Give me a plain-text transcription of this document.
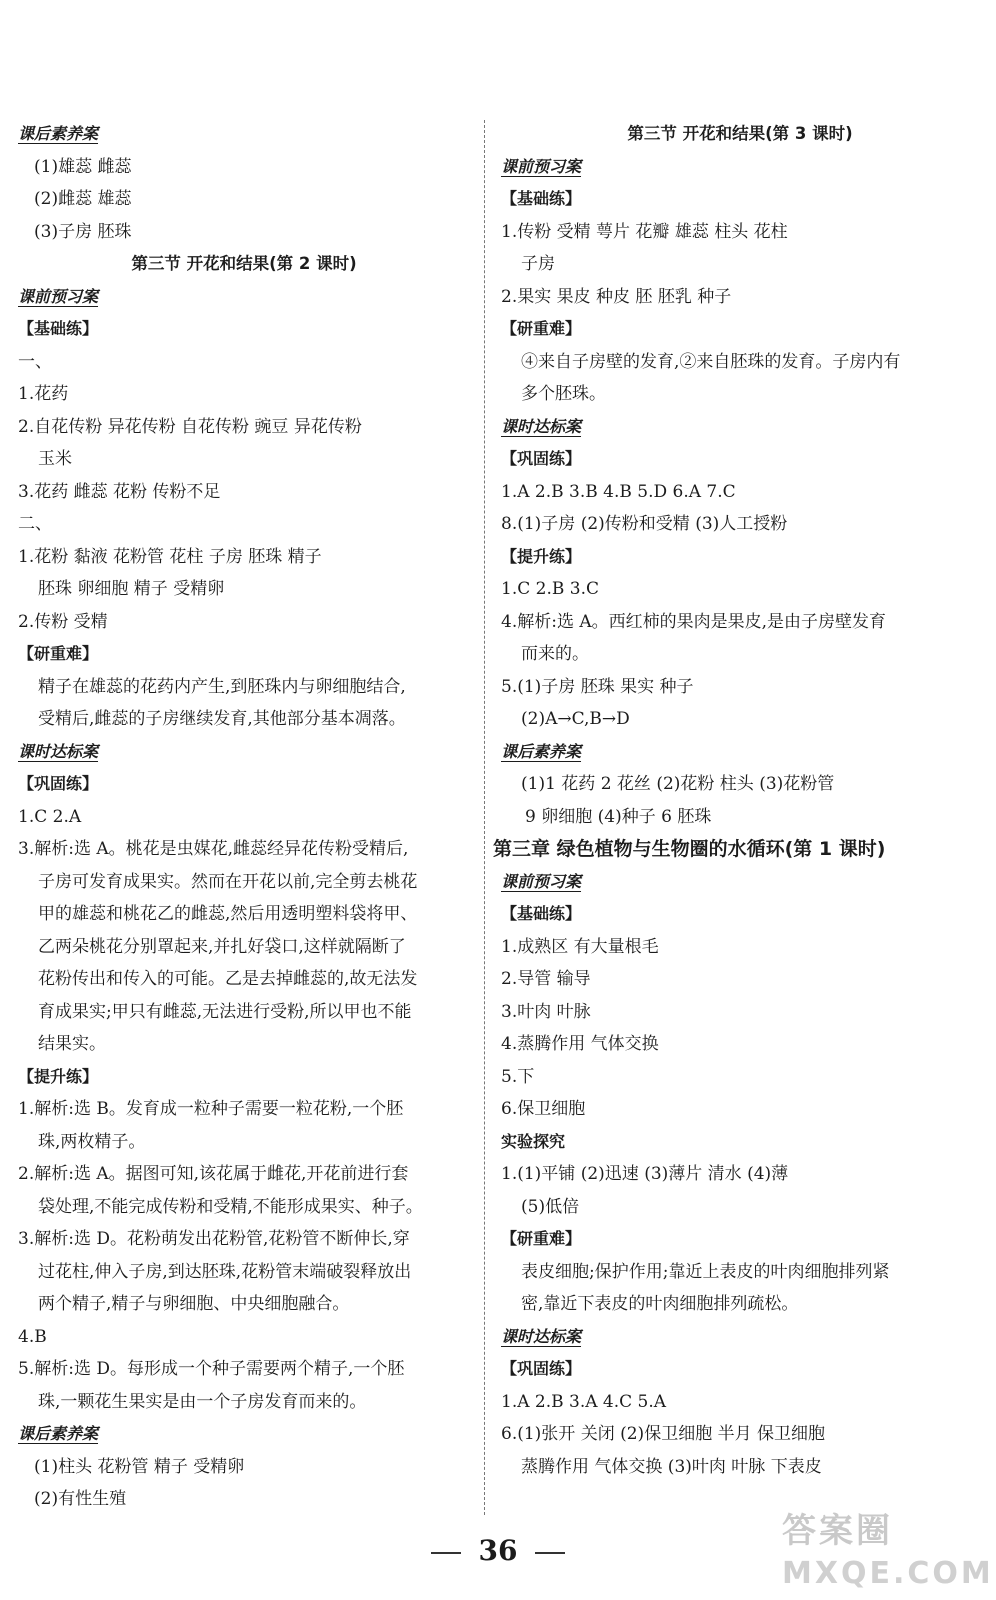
课后素养案
(1)雄蕊 雌蕊
(2)雌蕊 雄蕊
(3)子房 胚珠
第三节 开花和结果(第 2 课时)
课前预习案
【基础练】
一、
1.花药
2.自花传粉 异花传粉 自花传粉 豌豆 异花传粉
玉米
3.花药 雌蕊 花粉 传粉不足
二、
1.花粉 黏液 花粉管 花柱 子房 胚珠 精子
胚珠 卵细胞 精子 受精卵
2.传粉 受精
【研重难】
精子在雄蕊的花药内产生,到胚珠内与卵细胞结合,
受精后,雌蕊的子房继续发育,其他部分基本凋落。
课时达标案
【巩固练】
1.C 2.A
3.解析:选 A。桃花是虫媒花,雌蕊经异花传粉受精后,
子房可发育成果实。然而在开花以前,完全剪去桃花
甲的雄蕊和桃花乙的雌蕊,然后用透明塑料袋将甲、
乙两朵桃花分别罩起来,并扎好袋口,这样就隔断了
花粉传出和传入的可能。乙是去掉雌蕊的,故无法发
育成果实;甲只有雌蕊,无法进行受粉,所以甲也不能
结果实。
【提升练】
1.解析:选 B。发育成一粒种子需要一粒花粉,一个胚
珠,两枚精子。
2.解析:选 A。据图可知,该花属于雌花,开花前进行套
袋处理,不能完成传粉和受精,不能形成果实、种子。
3.解析:选 D。花粉萌发出花粉管,花粉管不断伸长,穿
过花柱,伸入子房,到达胚珠,花粉管末端破裂释放出
两个精子,精子与卵细胞、中央细胞融合。
4.B
5.解析:选 D。每形成一个种子需要两个精子,一个胚
珠,一颗花生果实是由一个子房发育而来的。
课后素养案
(1)柱头 花粉管 精子 受精卵
(2)有性生殖
第三节 开花和结果(第 3 课时)
课前预习案
【基础练】
1.传粉 受精 萼片 花瓣 雄蕊 柱头 花柱
子房
2.果实 果皮 种皮 胚 胚乳 种子
【研重难】
④来自子房壁的发育,②来自胚珠的发育。子房内有
多个胚珠。
课时达标案
【巩固练】
1.A 2.B 3.B 4.B 5.D 6.A 7.C
8.(1)子房 (2)传粉和受精 (3)人工授粉
【提升练】
1.C 2.B 3.C
4.解析:选 A。西红柿的果肉是果皮,是由子房壁发育
而来的。
5.(1)子房 胚珠 果实 种子
(2)A→C,B→D
课后素养案
(1)1 花药 2 花丝 (2)花粉 柱头 (3)花粉管
9 卵细胞 (4)种子 6 胚珠
第三章 绿色植物与生物圈的水循环(第 1 课时)
课前预习案
【基础练】
1.成熟区 有大量根毛
2.导管 输导
3.叶肉 叶脉
4.蒸腾作用 气体交换
5.下
6.保卫细胞
实验探究
1.(1)平铺 (2)迅速 (3)薄片 清水 (4)薄
(5)低倍
【研重难】
表皮细胞;保护作用;靠近上表皮的叶肉细胞排列紧
密,靠近下表皮的叶肉细胞排列疏松。
课时达标案
【巩固练】
1.A 2.B 3.A 4.C 5.A
6.(1)张开 关闭 (2)保卫细胞 半月 保卫细胞
蒸腾作用 气体交换 (3)叶肉 叶脉 下表皮
36	答案圈
MXQE.COM
